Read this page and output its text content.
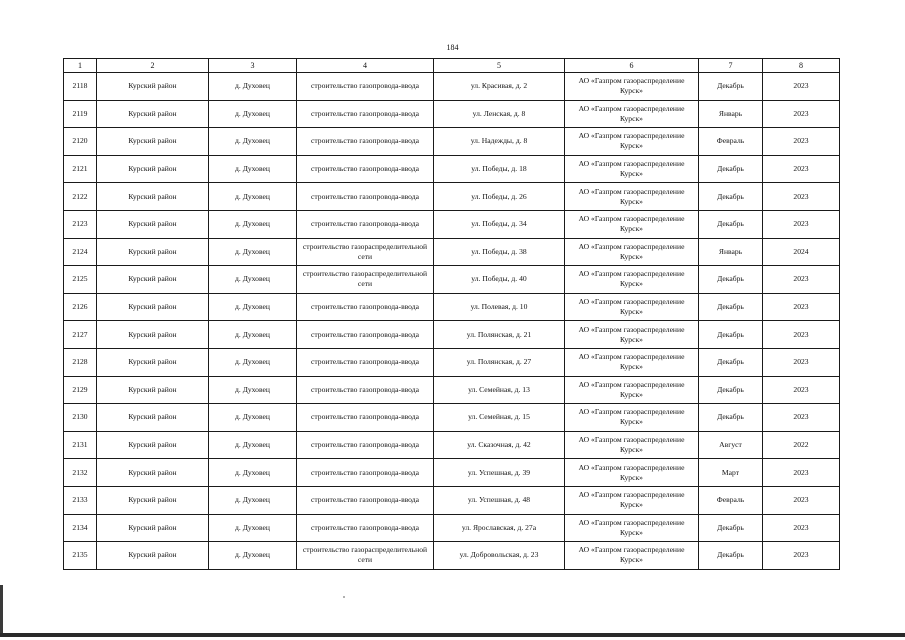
184
1	2	3	4	5	6	7	8
2118	Курский район	д. Духовец	строительство газопровода-ввода	ул. Красивая, д. 2	АО «Газпром газораспределение Курск»	Декабрь	2023
2119	Курский район	д. Духовец	строительство газопровода-ввода	ул. Ленская, д. 8	АО «Газпром газораспределение Курск»	Январь	2023
2120	Курский район	д. Духовец	строительство газопровода-ввода	ул. Надежды, д. 8	АО «Газпром газораспределение Курск»	Февраль	2023
2121	Курский район	д. Духовец	строительство газопровода-ввода	ул. Победы, д. 18	АО «Газпром газораспределение Курск»	Декабрь	2023
2122	Курский район	д. Духовец	строительство газопровода-ввода	ул. Победы, д. 26	АО «Газпром газораспределение Курск»	Декабрь	2023
2123	Курский район	д. Духовец	строительство газопровода-ввода	ул. Победы, д. 34	АО «Газпром газораспределение Курск»	Декабрь	2023
2124	Курский район	д. Духовец	строительство газораспределительной сети	ул. Победы, д. 38	АО «Газпром газораспределение Курск»	Январь	2024
2125	Курский район	д. Духовец	строительство газораспределительной сети	ул. Победы, д. 40	АО «Газпром газораспределение Курск»	Декабрь	2023
2126	Курский район	д. Духовец	строительство газопровода-ввода	ул. Полевая, д. 10	АО «Газпром газораспределение Курск»	Декабрь	2023
2127	Курский район	д. Духовец	строительство газопровода-ввода	ул. Полянская, д. 21	АО «Газпром газораспределение Курск»	Декабрь	2023
2128	Курский район	д. Духовец	строительство газопровода-ввода	ул. Полянская, д. 27	АО «Газпром газораспределение Курск»	Декабрь	2023
2129	Курский район	д. Духовец	строительство газопровода-ввода	ул. Семейная, д. 13	АО «Газпром газораспределение Курск»	Декабрь	2023
2130	Курский район	д. Духовец	строительство газопровода-ввода	ул. Семейная, д. 15	АО «Газпром газораспределение Курск»	Декабрь	2023
2131	Курский район	д. Духовец	строительство газопровода-ввода	ул. Сказочная, д. 42	АО «Газпром газораспределение Курск»	Август	2022
2132	Курский район	д. Духовец	строительство газопровода-ввода	ул. Успешная, д. 39	АО «Газпром газораспределение Курск»	Март	2023
2133	Курский район	д. Духовец	строительство газопровода-ввода	ул. Успешная, д. 48	АО «Газпром газораспределение Курск»	Февраль	2023
2134	Курский район	д. Духовец	строительство газопровода-ввода	ул. Ярославская, д. 27а	АО «Газпром газораспределение Курск»	Декабрь	2023
2135	Курский район	д. Духовец	строительство газораспределительной сети	ул. Добровольская, д. 23	АО «Газпром газораспределение Курск»	Декабрь	2023
